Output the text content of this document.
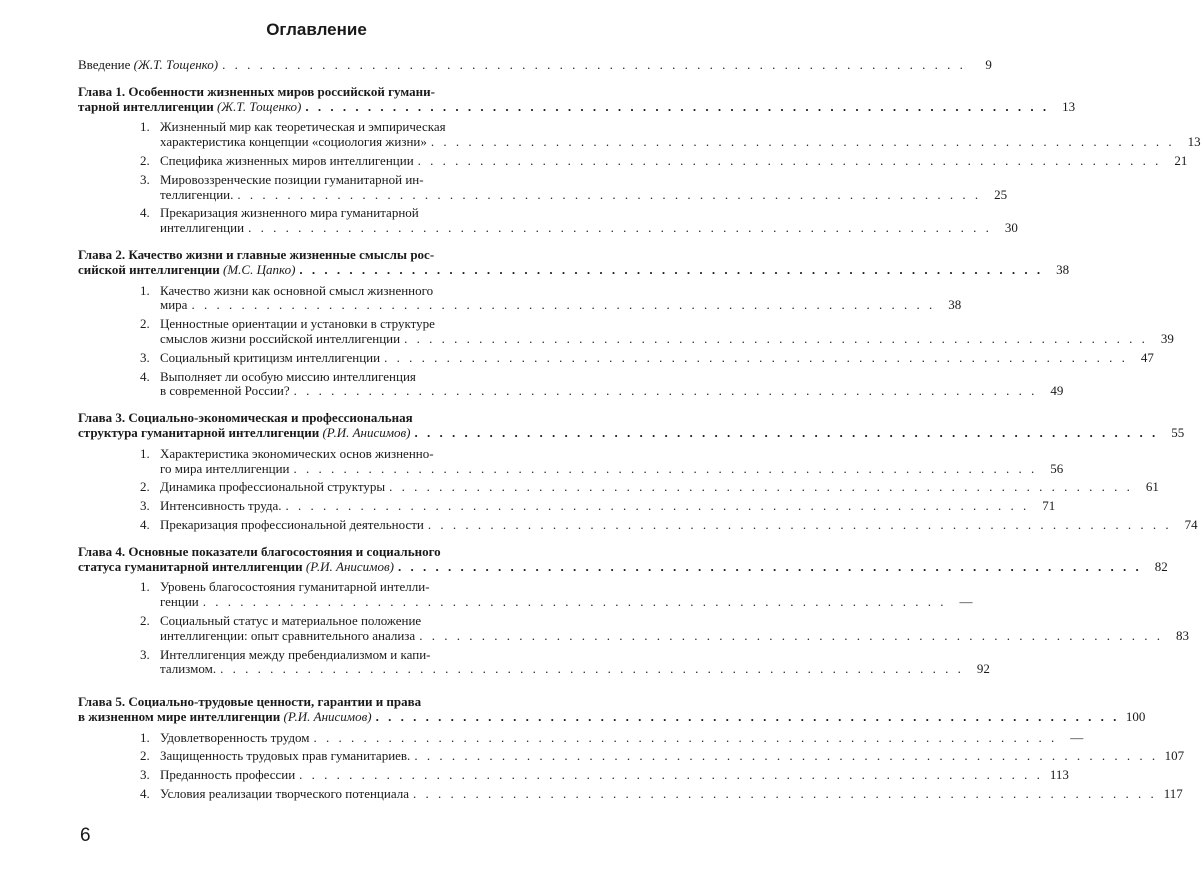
Оглавление
Введение (Ж.Т. Тощенко) . . . . . . . . . . . . . . . . . . . . . . . . . . . . . . . . . . . . . . . . . . . . . . . . . . . . . . . . . . . .	9
Глава 1. Особенности жизненных миров российской гумани-
тарной интеллигенции (Ж.Т. Тощенко) . . . . . . . . . . . . . . . . . . . . . . . . . . . . . . . . . . . . . . . . . . . . . . . . . . . . . . . . . . . .	13
1. Жизненный мир как теоретическая и эмпирическая
характеристика концепции «социология жизни» . . . . . . . . . . . . . . . . . . . . . . . . . . . . . . . . . . . . . . . . . . . . . . . . . . . . . . . . . . . .	13
2. Специфика жизненных миров интеллигенции . . . . . . . . . . . . . . . . . . . . . . . . . . . . . . . . . . . . . . . . . . . . . . . . . . . . . . . . . . . .	21
3. Мировоззренческие позиции гуманитарной ин-
теллигенции. . . . . . . . . . . . . . . . . . . . . . . . . . . . . . . . . . . . . . . . . . . . . . . . . . . . . . . . . . . . .	25
4. Прекаризация жизненного мира гуманитарной
интеллигенции . . . . . . . . . . . . . . . . . . . . . . . . . . . . . . . . . . . . . . . . . . . . . . . . . . . . . . . . . . . .	30
Глава 2. Качество жизни и главные жизненные смыслы рос-
сийской интеллигенции (М.С. Цапко) . . . . . . . . . . . . . . . . . . . . . . . . . . . . . . . . . . . . . . . . . . . . . . . . . . . . . . . . . . . .	38
1. Качество жизни как основной смысл жизненного
мира . . . . . . . . . . . . . . . . . . . . . . . . . . . . . . . . . . . . . . . . . . . . . . . . . . . . . . . . . . . .	38
2. Ценностные ориентации и установки в структуре
смыслов жизни российской интеллигенции . . . . . . . . . . . . . . . . . . . . . . . . . . . . . . . . . . . . . . . . . . . . . . . . . . . . . . . . . . . .	39
3. Социальный критицизм интеллигенции . . . . . . . . . . . . . . . . . . . . . . . . . . . . . . . . . . . . . . . . . . . . . . . . . . . . . . . . . . . .	47
4. Выполняет ли особую миссию интеллигенция
в современной России? . . . . . . . . . . . . . . . . . . . . . . . . . . . . . . . . . . . . . . . . . . . . . . . . . . . . . . . . . . . .	49
Глава 3. Социально-экономическая и профессиональная
структура гуманитарной интеллигенции (Р.И. Анисимов) . . . . . . . . . . . . . . . . . . . . . . . . . . . . . . . . . . . . . . . . . . . . . . . . . . . . . . . . . . . .	55
1. Характеристика экономических основ жизненно-
го мира интеллигенции . . . . . . . . . . . . . . . . . . . . . . . . . . . . . . . . . . . . . . . . . . . . . . . . . . . . . . . . . . . .	56
2. Динамика профессиональной структуры . . . . . . . . . . . . . . . . . . . . . . . . . . . . . . . . . . . . . . . . . . . . . . . . . . . . . . . . . . . .	61
3. Интенсивность труда. . . . . . . . . . . . . . . . . . . . . . . . . . . . . . . . . . . . . . . . . . . . . . . . . . . . . . . . . . . . .	71
4. Прекаризация профессиональной деятельности . . . . . . . . . . . . . . . . . . . . . . . . . . . . . . . . . . . . . . . . . . . . . . . . . . . . . . . . . . . .	74
Глава 4. Основные показатели благосостояния и социального
статуса гуманитарной интеллигенции (Р.И. Анисимов) . . . . . . . . . . . . . . . . . . . . . . . . . . . . . . . . . . . . . . . . . . . . . . . . . . . . . . . . . . . .	82
1. Уровень благосостояния гуманитарной интелли-
генции . . . . . . . . . . . . . . . . . . . . . . . . . . . . . . . . . . . . . . . . . . . . . . . . . . . . . . . . . . . .	—
2. Социальный статус и материальное положение
интеллигенции: опыт сравнительного анализа . . . . . . . . . . . . . . . . . . . . . . . . . . . . . . . . . . . . . . . . . . . . . . . . . . . . . . . . . . . .	83
3. Интеллигенция между пребендиализмом и капи-
тализмом. . . . . . . . . . . . . . . . . . . . . . . . . . . . . . . . . . . . . . . . . . . . . . . . . . . . . . . . . . . . .	92
Глава 5. Социально-трудовые ценности, гарантии и права
в жизненном мире интеллигенции (Р.И. Анисимов) . . . . . . . . . . . . . . . . . . . . . . . . . . . . . . . . . . . . . . . . . . . . . . . . . . . . . . . . . . . . 100
1. Удовлетворенность трудом . . . . . . . . . . . . . . . . . . . . . . . . . . . . . . . . . . . . . . . . . . . . . . . . . . . . . . . . . . . .	—
2. Защищенность трудовых прав гуманитариев. . . . . . . . . . . . . . . . . . . . . . . . . . . . . . . . . . . . . . . . . . . . . . . . . . . . . . . . . . . . . 107
3. Преданность профессии . . . . . . . . . . . . . . . . . . . . . . . . . . . . . . . . . . . . . . . . . . . . . . . . . . . . . . . . . . . . 113
4. Условия реализации творческого потенциала . . . . . . . . . . . . . . . . . . . . . . . . . . . . . . . . . . . . . . . . . . . . . . . . . . . . . . . . . . . . 117
6
